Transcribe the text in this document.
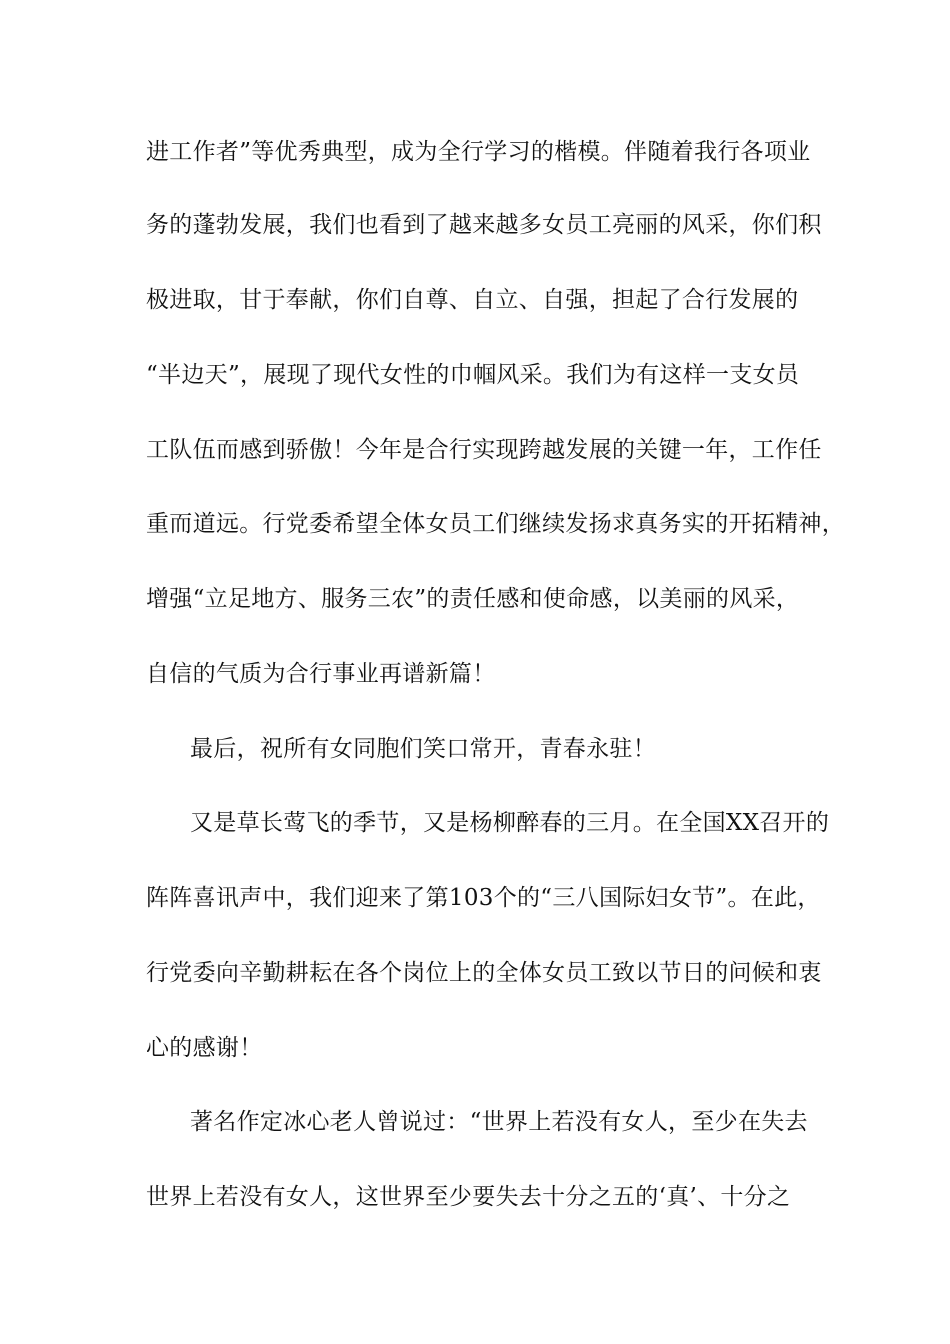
进工作者”等优秀典型，成为全行学习的楷模。伴随着我行各项业
务的蓬勃发展，我们也看到了越来越多女员工亮丽的风采，你们积
极进取，甘于奉献，你们自尊、自立、自强，担起了合行发展的
“半边天”，展现了现代女性的巾帼风采。我们为有这样一支女员
工队伍而感到骄傲！今年是合行实现跨越发展的关键一年，工作任
重而道远。行党委希望全体女员工们继续发扬求真务实的开拓精神，
增强“立足地方、服务三农”的责任感和使命感，以美丽的风采，
自信的气质为合行事业再谱新篇！
最后，祝所有女同胞们笑口常开，青春永驻！
又是草长莺飞的季节，又是杨柳醉春的三月。在全国XX召开的
阵阵喜讯声中，我们迎来了第103个的“三八国际妇女节”。在此，
行党委向辛勤耕耘在各个岗位上的全体女员工致以节日的问候和衷
心的感谢！
著名作定冰心老人曾说过：“世界上若没有女人，至少在失去
世界上若没有女人，这世界至少要失去十分之五的‘真’、十分之
